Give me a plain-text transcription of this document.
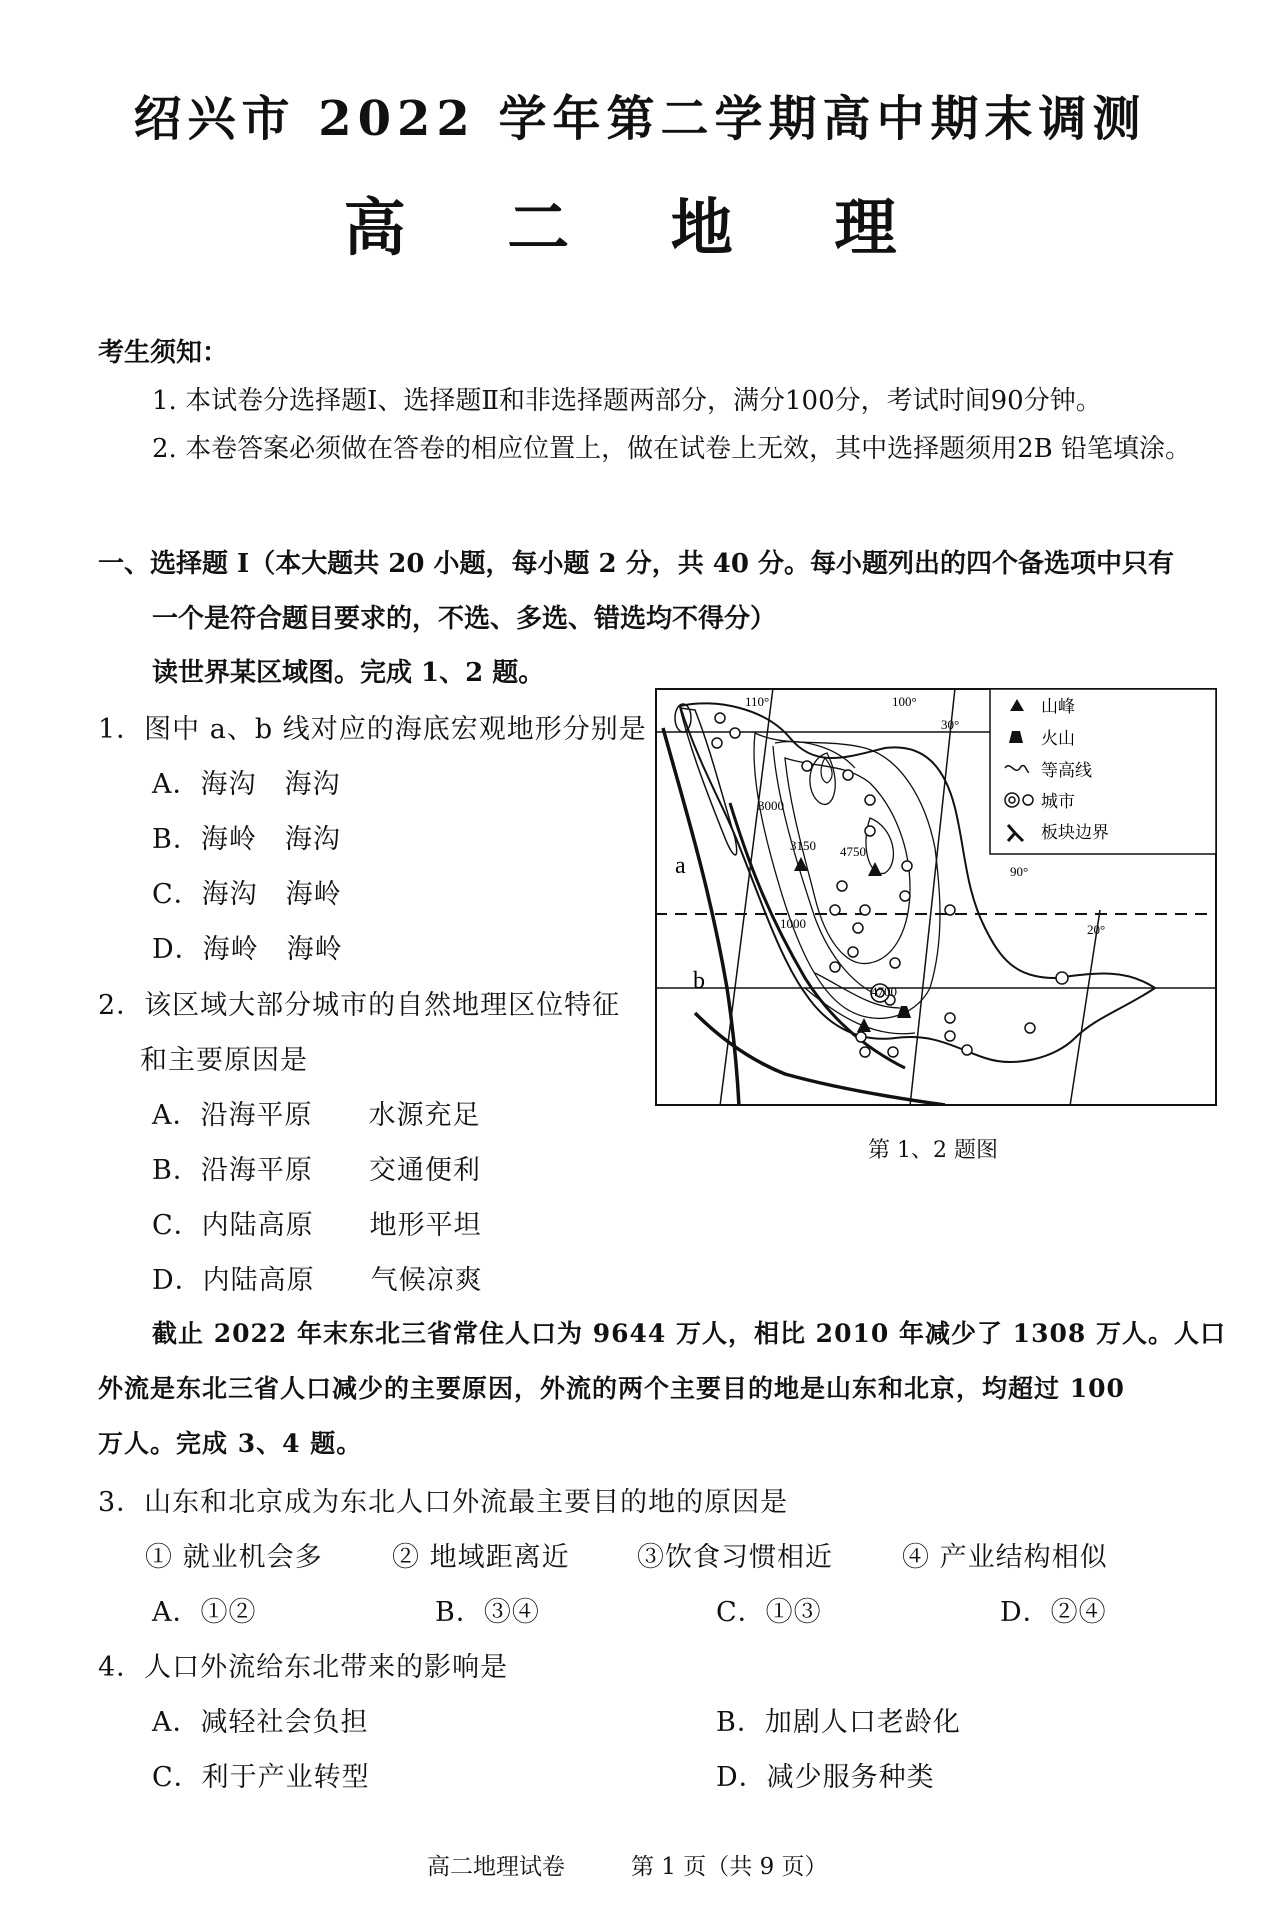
绍兴市 2022 学年第二学期高中期末调测
高 二 地 理
考生须知：
1. 本试卷分选择题Ⅰ、选择题Ⅱ和非选择题两部分，满分100分，考试时间90分钟。
2. 本卷答案必须做在答卷的相应位置上，做在试卷上无效，其中选择题须用2B 铅笔填涂。
一、选择题 I（本大题共 20 小题，每小题 2 分，共 40 分。每小题列出的四个备选项中只有
一个是符合题目要求的，不选、多选、错选均不得分）
读世界某区域图。完成 1、2 题。
1．图中 a、b 线对应的海底宏观地形分别是
A．海沟　海沟
B．海岭　海沟
C．海沟　海岭
D．海岭　海岭
2．该区域大部分城市的自然地理区位特征
和主要原因是
A．沿海平原　　水源充足
B．沿海平原　　交通便利
C．内陆高原　　地形平坦
D．内陆高原　　气候凉爽
110°	100°
90°
30°
20°
3000
1000
3150 4750
4700
a
b
山峰
火山
等高线
城市
板块边界
第 1、2 题图
截止 2022 年末东北三省常住人口为 9644 万人，相比 2010 年减少了 1308 万人。人口
外流是东北三省人口减少的主要原因，外流的两个主要目的地是山东和北京，均超过 100
万人。完成 3、4 题。
3．山东和北京成为东北人口外流最主要目的地的原因是
① 就业机会多	② 地域距离近 ③饮食习惯相近	④ 产业结构相似
A．①②	B．③④	C．①③	D．②④
4．人口外流给东北带来的影响是
A．减轻社会负担	B．加剧人口老龄化
C．利于产业转型	D．减少服务种类
高二地理试卷	第 1 页（共 9 页）
